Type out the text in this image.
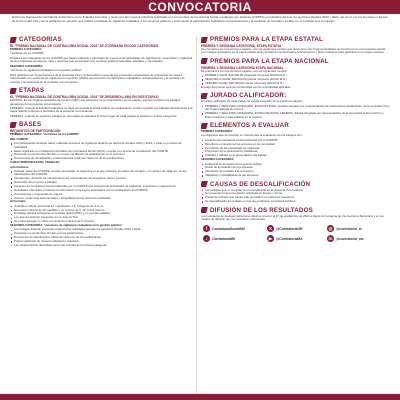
CONVOCATORIA
El Premio Nacional de Contraloría Social tiene como finalidad incentivar y reconocer las mejores prácticas realizadas por los Comités de Contraloría Social u análogos (en adelante COMITÉ) constituidos durante los ejercicios fiscales 2023 y 2024, así como por los Consejos o figuras de la Sociedad Civil y de la población en general, que realicen prácticas de vigilancia ciudadana a los recursos públicos y promuevan la participación ciudadana, la transparencia y la rendición de cuentas e incidan en el combate a la corrupción.
CATEGORÍAS
EL "PREMIO NACIONAL DE CONTRALORÍA SOCIAL 2024" SE OTORGARÁ EN DOS CATEGORÍAS
PRIMERA CATEGORÍA:
"Acciones de los COMITÉ"
Dirigida a los integrantes de los COMITÉ que hayan realizado y ejecutado de mejora a las actividades de seguimiento, supervisión y vigilancia de los programas de apoyos, obra o servicios que se ejecutan con recursos públicos federales, estatales y municipales.
SEGUNDA CATEGORÍA:
"Acciones de vigilancia ciudadana en la gestión pública"
Para participar las Organizaciones de la Sociedad Civil y la Sociedad en general que presenten experiencias de propuestas de mejora relacionadas con acciones de vigilancia en la gestión pública que fomenten la participación ciudadana, la transparencia y la rendición de cuentas y la incidencia en el combate a la corrupción.
ETAPAS
EL "PREMIO NACIONAL DE CONTRALORÍA SOCIAL 2024" SE DESARROLLARÁ EN DOS ETAPAS:
ESTATAL: En los Órganos Estatales de Control (OEC) que participen en la organización de las etapas, quienes remitirán los trabajos ganadores de la presente Convocatoria.
FEDERAL: Cuando la Entidad Federativa no haya convocado la etapa estatal, los participantes podrán registrar sus trabajos directamente a la etapa federal conforme a las bases de la presente Convocatoria.
FEDERAL: Cuando se registren trabajos en una etapa se obtendrá el primer lugar de cada categoría federal en ambas categorías.
BASES
REQUISITOS DE PARTICIPACIÓN
PRIMERA CATEGORÍA: "Acciones de los COMITÉ"
DEL COMITÉ:
Los participantes deberán haber realizado acciones de vigilancia durante los ejercicios fiscales 2023 y 2024, o estar en proceso de realizarlas.
Estar registrado en el Sistema Informático de Contraloría Social (SICS) o contar con el acta de constitución del COMITÉ.
Presentar un escrito libre firmado en el que manifiesten la participación en el concurso.
Documentos de identificación (credencial para votar) de cada uno de los participantes.
CARACTERÍSTICAS DEL TRABAJO:
a) Estructura:
Portada: datos del COMITÉ, nombre del trabajo, la categoría en la que participa, los datos de contacto y el número de cada uno de los participantes del COMITÉ.
Introducción: describir de manera breve los antecedentes del programa, obra o servicio.
Desarrollo del proyecto a trabajar.
Acciones de Contraloría Social realizadas por el COMITÉ que incluyan las actividades de vigilancia, supervisión y seguimiento.
Resultados obtenidos: presentar la información y los logros alcanzados con la participación del COMITÉ.
Conclusiones y propuestas de mejora.
Anexos: evidencias documentales y fotográficas de las acciones realizadas.
b) Formato:
Cuartilla en Word, letra Arial 12, interlineado 1.5, márgenes de 2.5 cm.
Extensión máxima de 10 cuartillas y un mínimo de 5, sin incluir anexos.
El trabajo deberá entregarse en formato digital (PDF) y en formato editable.
Los anexos deberán integrarse en un solo archivo.
Se podrá agregar un video con duración máxima de 5 minutos.
SEGUNDA CATEGORÍA: "Acciones de vigilancia ciudadana en la gestión pública"
Los trabajos deberán presentar experiencias realizadas durante los ejercicios fiscales 2023 y 2024.
Presentar un escrito libre firmado por los participantes.
Documento de identificación oficial de cada uno de los participantes.
Podrán participar de manera individual o colectiva.
Las características del trabajo serán las mismas de la primera categoría.
PREMIOS PARA LA ETAPA ESTATAL
PRIMERA Y SEGUNDA CATEGORÍA, ETAPA ESTATAL
Se premiará a los tres primeros lugares, con las siguientes montos que determinen los Órganos Estatales de Control en su convocatoria estatal. Los trabajos ganadores en la etapa estatal serán remitidos a la Secretaría Anticorrupción y Buen Gobierno para participar en la etapa nacional.
PREMIOS PARA LA ETAPA NACIONAL
PRIMERA Y SEGUNDA CATEGORÍA ETAPA NACIONAL
Se premiará a los tres primeros lugares, con los siguientes montos:
PRIMER LUGAR: $40,000.00 (cuarenta mil pesos 00/100 M.N.)
SEGUNDO LUGAR: $30,000.00 (treinta mil pesos 00/100 M.N.)
TERCER LUGAR: $20,000.00 (veinte mil pesos 00/100 M.N.)
El pago del premio será de conformidad con la normatividad aplicable.
JURADO CALIFICADOR:
El jurado calificador de cada categoría estará integrado de la siguiente manera:
PRIMERA Y SEGUNDA CATEGORÍA, ETAPA ESTATAL: Estará integrado por representantes de instituciones académicas, de la sociedad civil y del Órgano Estatal de Control.
PRIMERA Y SEGUNDA CATEGORÍA, ETAPA NACIONAL FEDERAL: Estará integrado por representantes de la Secretaría Anticorrupción y Buen Gobierno y especialistas en la materia.
ELEMENTOS A EVALUAR
PRIMERA CATEGORÍA:
Los aspectos que se tomarán en cuenta para la evaluación de los trabajos son:
Acciones de contraloría social realizadas por el COMITÉ.
Beneficios e impacto de las acciones en la comunidad.
Innovación de las estrategias de vigilancia.
Promoción de la participación ciudadana.
Claridad y calidad en la presentación del trabajo.
SEGUNDA CATEGORÍA:
Incidencia en la mejora de la gestión pública.
Grado de innovación de la propuesta.
Aportación al combate a la corrupción.
Viabilidad y replicabilidad de las acciones.
CAUSAS DE DESCALIFICACIÓN
Los trabajos que no cumplan con lo establecido en la presente Convocatoria.
No presentar la documentación solicitada en tiempo y forma.
Presentar trabajos que hayan sido premiados en ediciones anteriores.
Se descalificarán los trabajos en los que participen servidores públicos.
DIFUSIÓN DE LOS RESULTADOS
Los resultados de la etapa nacional se darán a conocer el 27 de septiembre de 2024 a través de la página de Internet de la Secretaría y en los medios de difusión que se consideren pertinentes.
f	ContraloríaSocialMX	X	@ContraloríaGR	◎	@contraloria_sr
♪	ContraloríaMX	▶	@ContraloríaMX	in	@contraloria_mx
